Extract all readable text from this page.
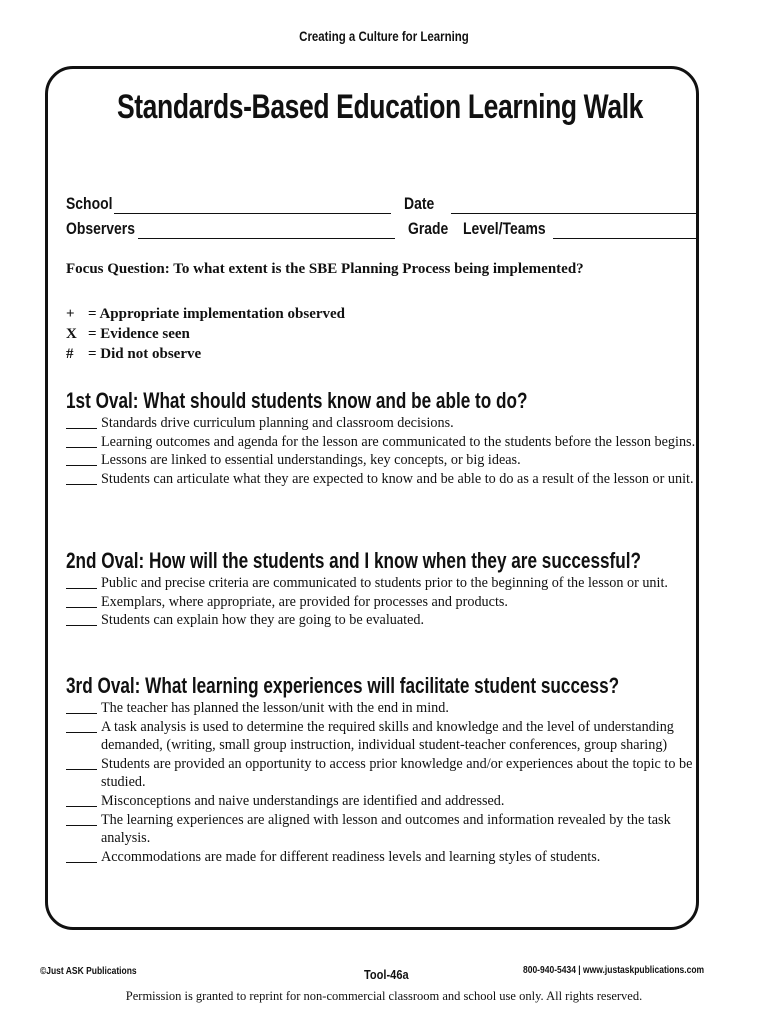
Creating a Culture for Learning
Standards-Based Education Learning Walk
School	Date
Observers	Grade Level/Teams
Focus Question: To what extent is the SBE Planning Process being implemented?
+ = Appropriate implementation observed
X = Evidence seen
# = Did not observe
1st Oval: What should students know and be able to do?

Standards drive curriculum planning and classroom decisions.

Learning outcomes and agenda for the lesson are communicated to the students before the lesson begins.

Lessons are linked to essential understandings, key concepts, or big ideas.

Students can articulate what they are expected to know and be able to do as a result of the lesson or unit.

2nd Oval: How will the students and I know when they are successful?

Public and precise criteria are communicated to students prior to the beginning of the lesson or unit.

Exemplars, where appropriate, are provided for processes and products.

Students can explain how they are going to be evaluated.

3rd Oval: What learning experiences will facilitate student success?

The teacher has planned the lesson/unit with the end in mind.

A task analysis is used to determine the required skills and knowledge and the level of understanding demanded, (writing, small group instruction, individual student-teacher conferences, group sharing)

Students are provided an opportunity to access prior knowledge and/or experiences about the topic to be studied.

Misconceptions and naive understandings are identified and addressed.

The learning experiences are aligned with lesson and outcomes and information revealed by the task analysis.

Accommodations are made for different readiness levels and learning styles of students.

©Just ASK Publications	Tool-46a	800-940-5434 | www.justaskpublications.com
Permission is granted to reprint for non-commercial classroom and school use only. All rights reserved.
